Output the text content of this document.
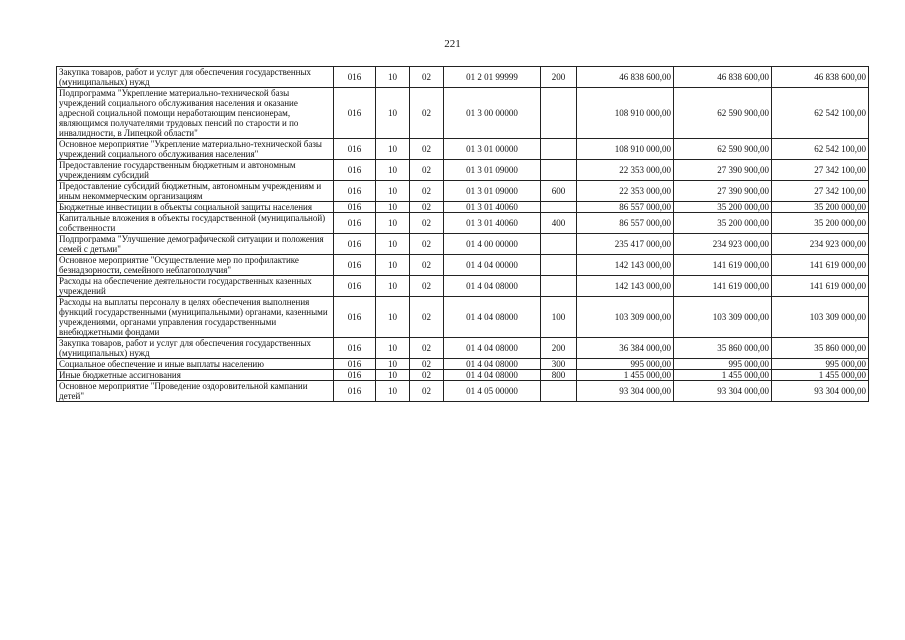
221
Закупка товаров, работ и услуг для обеспечения государственных (муниципальных) нужд	016	10	02	01 2 01 99999	200	46 838 600,00	46 838 600,00	46 838 600,00
Подпрограмма "Укрепление материально-технической базы учреждений социального обслуживания населения и оказание адресной социальной помощи неработающим пенсионерам, являющимся получателями трудовых пенсий по старости и по инвалидности, в Липецкой области"	016	10	02	01 3 00 00000		108 910 000,00	62 590 900,00	62 542 100,00
Основное мероприятие "Укрепление материально-технической базы учреждений социального обслуживания населения"	016	10	02	01 3 01 00000		108 910 000,00	62 590 900,00	62 542 100,00
Предоставление государственным бюджетным и автономным учреждениям субсидий	016	10	02	01 3 01 09000		22 353 000,00	27 390 900,00	27 342 100,00
Предоставление субсидий бюджетным, автономным учреждениям и иным некоммерческим организациям	016	10	02	01 3 01 09000	600	22 353 000,00	27 390 900,00	27 342 100,00
Бюджетные инвестиции в объекты социальной защиты населения	016	10	02	01 3 01 40060		86 557 000,00	35 200 000,00	35 200 000,00
Капитальные вложения в объекты государственной (муниципальной) собственности	016	10	02	01 3 01 40060	400	86 557 000,00	35 200 000,00	35 200 000,00
Подпрограмма "Улучшение демографической ситуации и положения семей с детьми"	016	10	02	01 4 00 00000		235 417 000,00	234 923 000,00	234 923 000,00
Основное мероприятие "Осуществление мер по профилактике безнадзорности, семейного неблагополучия"	016	10	02	01 4 04 00000		142 143 000,00	141 619 000,00	141 619 000,00
Расходы на обеспечение деятельности государственных казенных учреждений	016	10	02	01 4 04 08000		142 143 000,00	141 619 000,00	141 619 000,00
Расходы на выплаты персоналу в целях обеспечения выполнения функций государственными (муниципальными) органами, казенными учреждениями, органами управления государственными внебюджетными фондами	016	10	02	01 4 04 08000	100	103 309 000,00	103 309 000,00	103 309 000,00
Закупка товаров, работ и услуг для обеспечения государственных (муниципальных) нужд	016	10	02	01 4 04 08000	200	36 384 000,00	35 860 000,00	35 860 000,00
Социальное обеспечение и иные выплаты населению	016	10	02	01 4 04 08000	300	995 000,00	995 000,00	995 000,00
Иные бюджетные ассигнования	016	10	02	01 4 04 08000	800	1 455 000,00	1 455 000,00	1 455 000,00
Основное мероприятие "Проведение оздоровительной кампании детей"	016	10	02	01 4 05 00000		93 304 000,00	93 304 000,00	93 304 000,00
